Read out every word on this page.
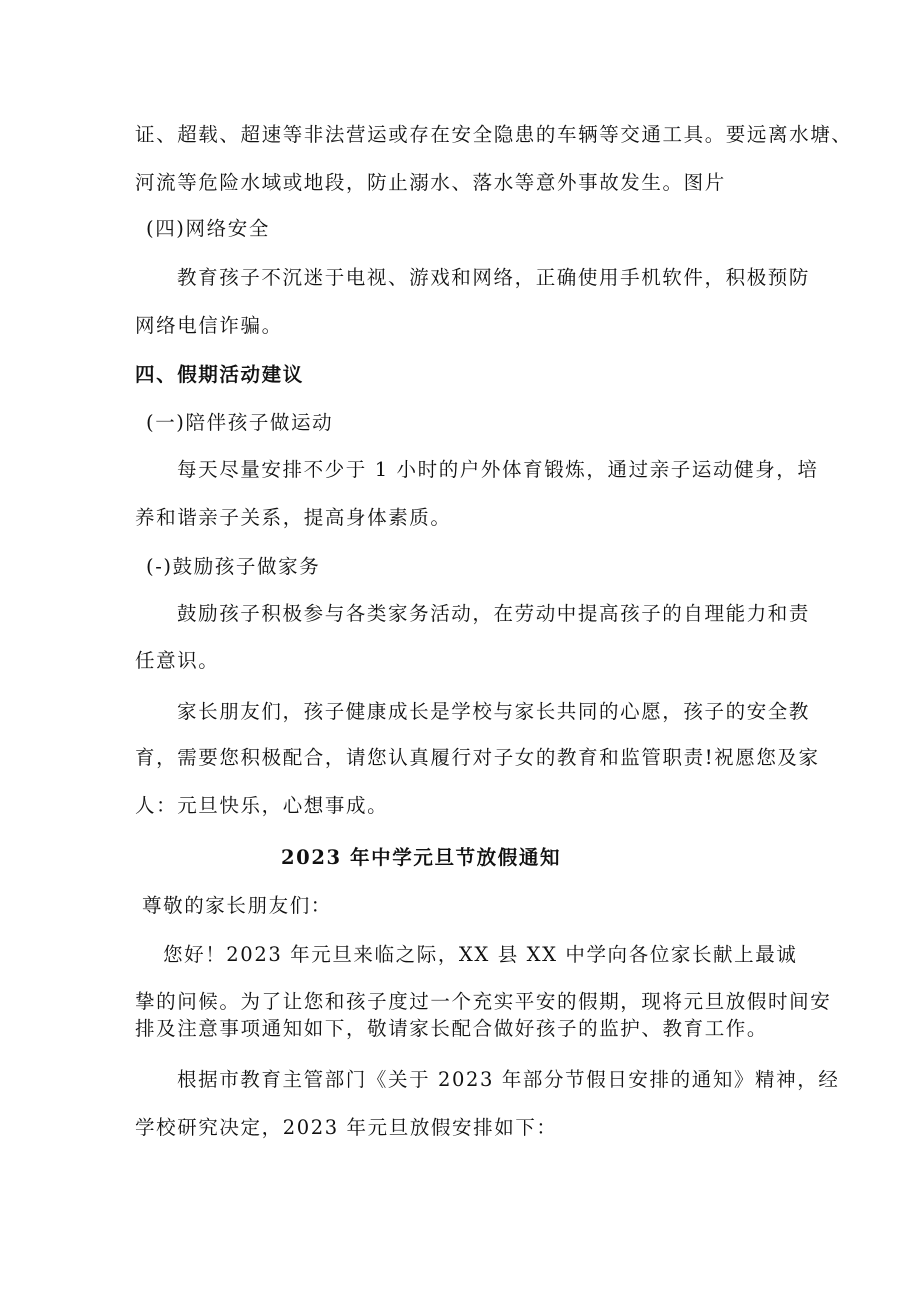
证、超载、超速等非法营运或存在安全隐患的车辆等交通工具。要远离水塘、
河流等危险水域或地段，防止溺水、落水等意外事故发生。图片
(四)网络安全
教育孩子不沉迷于电视、游戏和网络，正确使用手机软件，积极预防
网络电信诈骗。
四、假期活动建议
(一)陪伴孩子做运动
每天尽量安排不少于 1 小时的户外体育锻炼，通过亲子运动健身，培
养和谐亲子关系，提高身体素质。
(-)鼓励孩子做家务
鼓励孩子积极参与各类家务活动，在劳动中提高孩子的自理能力和责
任意识。
家长朋友们，孩子健康成长是学校与家长共同的心愿，孩子的安全教
育，需要您积极配合，请您认真履行对子女的教育和监管职责!祝愿您及家
人：元旦快乐，心想事成。
2023 年中学元旦节放假通知
尊敬的家长朋友们：
您好！2023 年元旦来临之际，XX 县 XX 中学向各位家长献上最诚
挚的问候。为了让您和孩子度过一个充实平安的假期，现将元旦放假时间安
排及注意事项通知如下，敬请家长配合做好孩子的监护、教育工作。
根据市教育主管部门《关于 2023 年部分节假日安排的通知》精神，经
学校研究决定，2023 年元旦放假安排如下：
